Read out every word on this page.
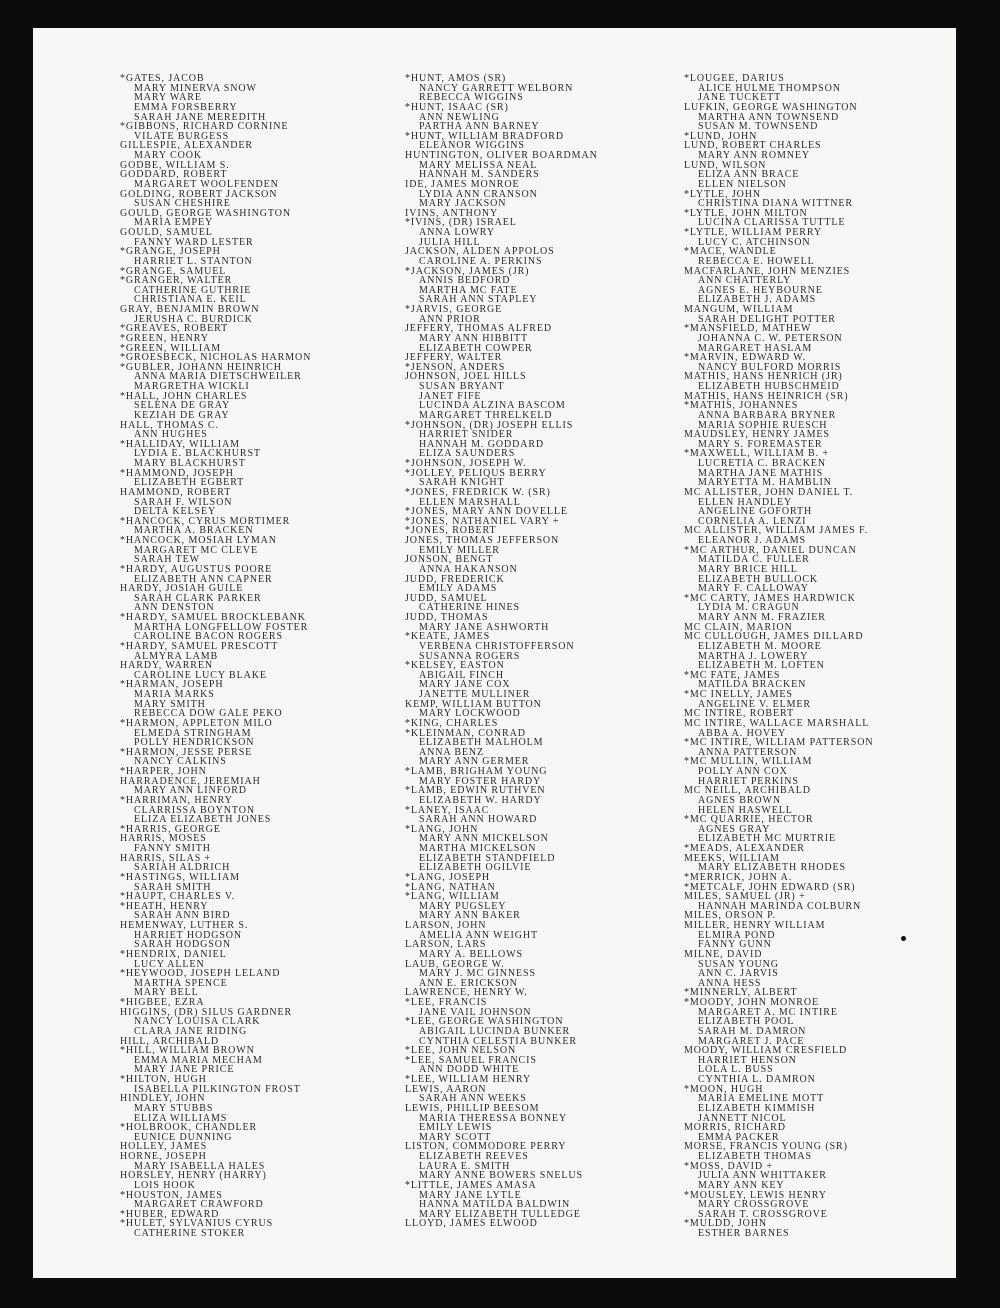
*GATES, JACOB
MARY MINERVA SNOW
MARY WARE
EMMA FORSBERRY
SARAH JANE MEREDITH
*GIBBONS, RICHARD CORNINE
VILATE BURGESS
GILLESPIE, ALEXANDER
MARY COOK
GODBE, WILLIAM S.
GODDARD, ROBERT
MARGARET WOOLFENDEN
GOLDING, ROBERT JACKSON
SUSAN CHESHIRE
GOULD, GEORGE WASHINGTON
MARIA EMPEY
GOULD, SAMUEL
FANNY WARD LESTER
*GRANGE, JOSEPH
HARRIET L. STANTON
*GRANGE, SAMUEL
*GRANGER, WALTER
CATHERINE GUTHRIE
CHRISTIANA E. KEIL
GRAY, BENJAMIN BROWN
JERUSHA C. BURDICK
*GREAVES, ROBERT
*GREEN, HENRY
*GREEN, WILLIAM
*GROESBECK, NICHOLAS HARMON
*GUBLER, JOHANN HEINRICH
ANNA MARIA DIETSCHWEILER
MARGRETHA WICKLI
*HALL, JOHN CHARLES
SELENA DE GRAY
KEZIAH DE GRAY
HALL, THOMAS C.
ANN HUGHES
*HALLIDAY, WILLIAM
LYDIA E. BLACKHURST
MARY BLACKHURST
*HAMMOND, JOSEPH
ELIZABETH EGBERT
HAMMOND, ROBERT
SARAH F. WILSON
DELTA KELSEY
*HANCOCK, CYRUS MORTIMER
MARTHA A. BRACKEN
*HANCOCK, MOSIAH LYMAN
MARGARET MC CLEVE
SARAH TEW
*HARDY, AUGUSTUS POORE
ELIZABETH ANN CAPNER
HARDY, JOSIAH GUILE
SARAH CLARK PARKER
ANN DENSTON
*HARDY, SAMUEL BROCKLEBANK
MARTHA LONGFELLOW FOSTER
CAROLINE BACON ROGERS
*HARDY, SAMUEL PRESCOTT
ALMYRA LAMB
HARDY, WARREN
CAROLINE LUCY BLAKE
*HARMAN, JOSEPH
MARIA MARKS
MARY SMITH
REBECCA DOW GALE PEKO
*HARMON, APPLETON MILO
ELMEDA STRINGHAM
POLLY HENDRICKSON
*HARMON, JESSE PERSE
NANCY CALKINS
*HARPER, JOHN
HARRADENCE, JEREMIAH
MARY ANN LINFORD
*HARRIMAN, HENRY
CLARRISSA BOYNTON
ELIZA ELIZABETH JONES
*HARRIS, GEORGE
HARRIS, MOSES
FANNY SMITH
HARRIS, SILAS +
SARIAH ALDRICH
*HASTINGS, WILLIAM
SARAH SMITH
*HAUPT, CHARLES V.
*HEATH, HENRY
SARAH ANN BIRD
HEMENWAY, LUTHER S.
HARRIET HODGSON
SARAH HODGSON
*HENDRIX, DANIEL
LUCY ALLEN
*HEYWOOD, JOSEPH LELAND
MARTHA SPENCE
MARY BELL
*HIGBEE, EZRA
HIGGINS, (DR) SILUS GARDNER
NANCY LOUISA CLARK
CLARA JANE RIDING
HILL, ARCHIBALD
*HILL, WILLIAM BROWN
EMMA MARIA MECHAM
MARY JANE PRICE
*HILTON, HUGH
ISABELLA PILKINGTON FROST
HINDLEY, JOHN
MARY STUBBS
ELIZA WILLIAMS
*HOLBROOK, CHANDLER
EUNICE DUNNING
HOLLEY, JAMES
HORNE, JOSEPH
MARY ISABELLA HALES
HORSLEY, HENRY (HARRY)
LOIS HOOK
*HOUSTON, JAMES
MARGARET CRAWFORD
*HUBER, EDWARD
*HULET, SYLVANIUS CYRUS
CATHERINE STOKER
*HUNT, AMOS (SR)
NANCY GARRETT WELBORN
REBECCA WIGGINS
*HUNT, ISAAC (SR)
ANN NEWLING
PARTHA ANN BARNEY
*HUNT, WILLIAM BRADFORD
ELEANOR WIGGINS
HUNTINGTON, OLIVER BOARDMAN
MARY MELISSA NEAL
HANNAH M. SANDERS
IDE, JAMES MONROE
LYDIA ANN CRANSON
MARY JACKSON
IVINS, ANTHONY
*IVINS, (DR) ISRAEL
ANNA LOWRY
JULIA HILL
JACKSON, ALDEN APPOLOS
CAROLINE A. PERKINS
*JACKSON, JAMES (JR)
ANNIS BEDFORD
MARTHA MC FATE
SARAH ANN STAPLEY
*JARVIS, GEORGE
ANN PRIOR
JEFFERY, THOMAS ALFRED
MARY ANN HIBBITT
ELIZABETH COWPER
JEFFERY, WALTER
*JENSON, ANDERS
JOHNSON, JOEL HILLS
SUSAN BRYANT
JANET FIFE
LUCINDA ALZINA BASCOM
MARGARET THRELKELD
*JOHNSON, (DR) JOSEPH ELLIS
HARRIET SNIDER
HANNAH M. GODDARD
ELIZA SAUNDERS
*JOHNSON, JOSEPH W.
*JOLLEY, PELIQUS BERRY
SARAH KNIGHT
*JONES, FREDRICK W. (SR)
ELLEN MARSHALL
*JONES, MARY ANN DOVELLE
*JONES, NATHANIEL VARY +
*JONES, ROBERT
JONES, THOMAS JEFFERSON
EMILY MILLER
JONSON, BENGT
ANNA HAKANSON
JUDD, FREDERICK
EMILY ADAMS
JUDD, SAMUEL
CATHERINE HINES
JUDD, THOMAS
MARY JANE ASHWORTH
*KEATE, JAMES
VERBENA CHRISTOFFERSON
SUSANNA ROGERS
*KELSEY, EASTON
ABIGAIL FINCH
MARY JANE COX
JANETTE MULLINER
KEMP, WILLIAM BUTTON
MARY LOCKWOOD
*KING, CHARLES
*KLEINMAN, CONRAD
ELIZABETH MALHOLM
ANNA BENZ
MARY ANN GERMER
*LAMB, BRIGHAM YOUNG
MARY FOSTER HARDY
*LAMB, EDWIN RUTHVEN
ELIZABETH W. HARDY
*LANEY, ISAAC
SARAH ANN HOWARD
*LANG, JOHN
MARY ANN MICKELSON
MARTHA MICKELSON
ELIZABETH STANDFIELD
ELIZABETH OGILVIE
*LANG, JOSEPH
*LANG, NATHAN
*LANG, WILLIAM
MARY PUGSLEY
MARY ANN BAKER
LARSON, JOHN
AMELIA ANN WEIGHT
LARSON, LARS
MARY A. BELLOWS
LAUB, GEORGE W.
MARY J. MC GINNESS
ANN E. ERICKSON
LAWRENCE, HENRY W.
*LEE, FRANCIS
JANE VAIL JOHNSON
*LEE, GEORGE WASHINGTON
ABIGAIL LUCINDA BUNKER
CYNTHIA CELESTIA BUNKER
*LEE, JOHN NELSON
*LEE, SAMUEL FRANCIS
ANN DODD WHITE
*LEE, WILLIAM HENRY
LEWIS, AARON
SARAH ANN WEEKS
LEWIS, PHILLIP BEESOM
MARIA THERESSA BONNEY
EMILY LEWIS
MARY SCOTT
LISTON, COMMODORE PERRY
ELIZABETH REEVES
LAURA E. SMITH
MARY ANNE BOWERS SNELUS
*LITTLE, JAMES AMASA
MARY JANE LYTLE
HANNA MATILDA BALDWIN
MARY ELIZABETH TULLEDGE
LLOYD, JAMES ELWOOD
*LOUGEE, DARIUS
ALICE HULME THOMPSON
JANE TUCKETT
LUFKIN, GEORGE WASHINGTON
MARTHA ANN TOWNSEND
SUSAN M. TOWNSEND
*LUND, JOHN
LUND, ROBERT CHARLES
MARY ANN ROMNEY
LUND, WILSON
ELIZA ANN BRACE
ELLEN NIELSON
*LYTLE, JOHN
CHRISTINA DIANA WITTNER
*LYTLE, JOHN MILTON
LUCINA CLARISSA TUTTLE
*LYTLE, WILLIAM PERRY
LUCY C. ATCHINSON
*MACE, WANDLE
REBECCA E. HOWELL
MACFARLANE, JOHN MENZIES
ANN CHATTERLY
AGNES E. HEYBOURNE
ELIZABETH J. ADAMS
MANGUM, WILLIAM
SARAH DELIGHT POTTER
*MANSFIELD, MATHEW
JOHANNA C. W. PETERSON
MARGARET HASLAM
*MARVIN, EDWARD W.
NANCY BULFORD MORRIS
MATHIS, HANS HENRICH (JR)
ELIZABETH HUBSCHMEID
MATHIS, HANS HEINRICH (SR)
*MATHIS, JOHANNES
ANNA BARBARA BRYNER
MARIA SOPHIE RUESCH
MAUDSLEY, HENRY JAMES
MARY S. FOREMASTER
*MAXWELL, WILLIAM B. +
LUCRETIA C. BRACKEN
MARTHA JANE MATHIS
MARYETTA M. HAMBLIN
MC ALLISTER, JOHN DANIEL T.
ELLEN HANDLEY
ANGELINE GOFORTH
CORNELIA A. LENZI
MC ALLISTER, WILLIAM JAMES F.
ELEANOR J. ADAMS
*MC ARTHUR, DANIEL DUNCAN
MATILDA C. FULLER
MARY BRICE HILL
ELIZABETH BULLOCK
MARY F. CALLOWAY
*MC CARTY, JAMES HARDWICK
LYDIA M. CRAGUN
MARY ANN M. FRAZIER
MC CLAIN, MARION
MC CULLOUGH, JAMES DILLARD
ELIZABETH M. MOORE
MARTHA J. LOWERY
ELIZABETH M. LOFTEN
*MC FATE, JAMES
MATILDA BRACKEN
*MC INELLY, JAMES
ANGELINE V. ELMER
MC INTIRE, ROBERT
MC INTIRE, WALLACE MARSHALL
ABBA A. HOVEY
*MC INTIRE, WILLIAM PATTERSON
ANNA PATTERSON
*MC MULLIN, WILLIAM
POLLY ANN COX
HARRIET PERKINS
MC NEILL, ARCHIBALD
AGNES BROWN
HELEN HASWELL
*MC QUARRIE, HECTOR
AGNES GRAY
ELIZABETH MC MURTRIE
*MEADS, ALEXANDER
MEEKS, WILLIAM
MARY ELIZABETH RHODES
*MERRICK, JOHN A.
*METCALF, JOHN EDWARD (SR)
MILES, SAMUEL (JR) +
HANNAH MARINDA COLBURN
MILES, ORSON P.
MILLER, HENRY WILLIAM
ELMIRA POND
FANNY GUNN
MILNE, DAVID
SUSAN YOUNG
ANN C. JARVIS
ANNA HESS
*MINNERLY, ALBERT
*MOODY, JOHN MONROE
MARGARET A. MC INTIRE
ELIZABETH POOL
SARAH M. DAMRON
MARGARET J. PACE
MOODY, WILLIAM CRESFIELD
HARRIET HENSON
LOLA L. BUSS
CYNTHIA L. DAMRON
*MOON, HUGH
MARIA EMELINE MOTT
ELIZABETH KIMMISH
JANNETT NICOL
MORRIS, RICHARD
EMMA PACKER
MORSE, FRANCIS YOUNG (SR)
ELIZABETH THOMAS
*MOSS, DAVID +
JULIA ANN WHITTAKER
MARY ANN KEY
*MOUSLEY, LEWIS HENRY
MARY CROSSGROVE
SARAH T. CROSSGROVE
*MULDD, JOHN
ESTHER BARNES
